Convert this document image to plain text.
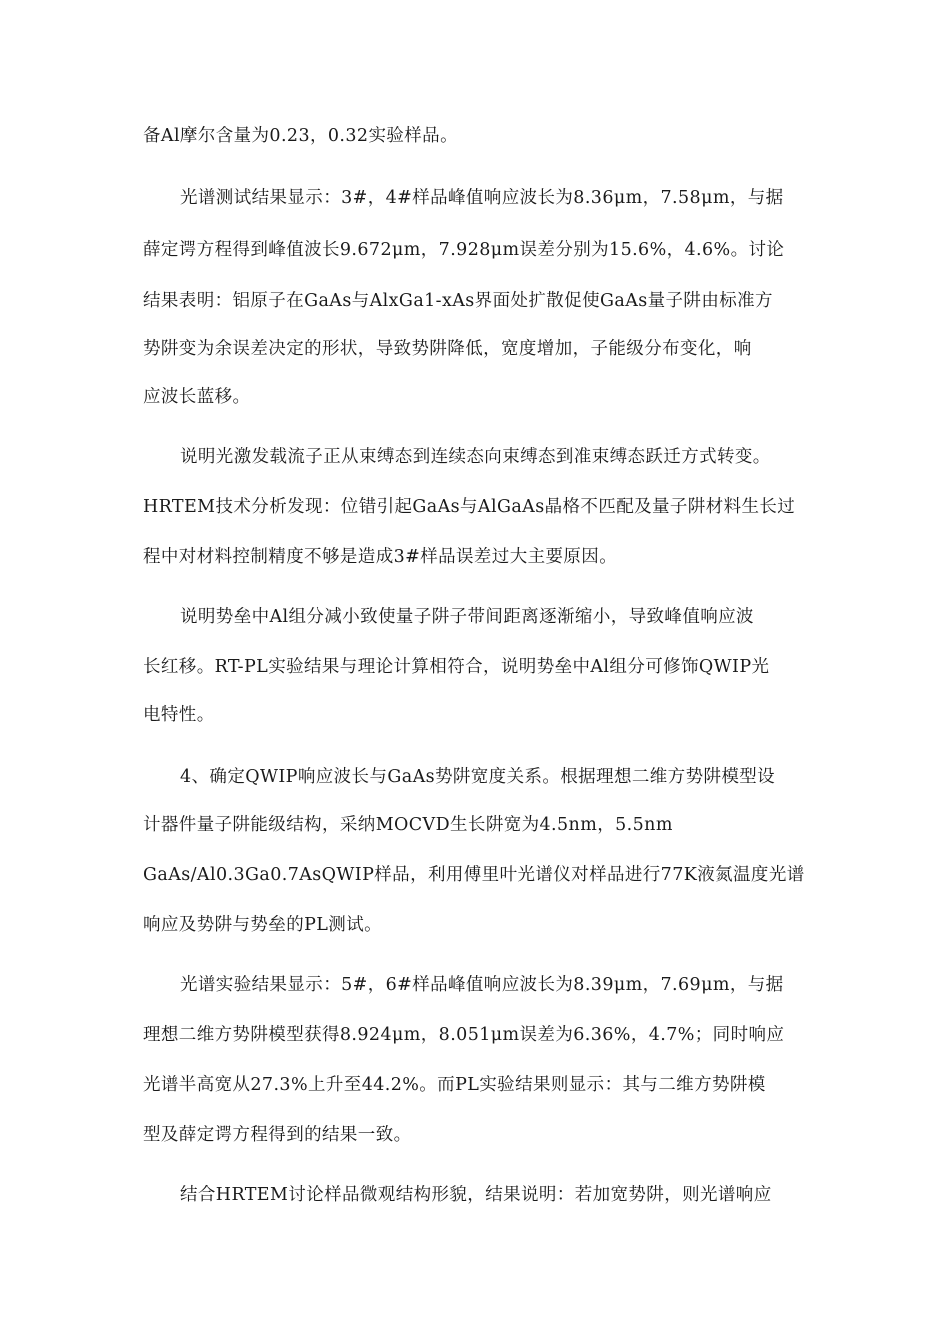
备Al摩尔含量为0.23，0.32实验样品。
光谱测试结果显示：3#，4#样品峰值响应波长为8.36μm，7.58μm，与据
薛定谔方程得到峰值波长9.672μm，7.928μm误差分别为15.6%，4.6%。讨论
结果表明：铝原子在GaAs与AlxGa1-xAs界面处扩散促使GaAs量子阱由标准方
势阱变为余误差决定的形状，导致势阱降低，宽度增加，子能级分布变化，响
应波长蓝移。
说明光激发载流子正从束缚态到连续态向束缚态到准束缚态跃迁方式转变。
HRTEM技术分析发现：位错引起GaAs与AlGaAs晶格不匹配及量子阱材料生长过
程中对材料控制精度不够是造成3#样品误差过大主要原因。
说明势垒中Al组分减小致使量子阱子带间距离逐渐缩小，导致峰值响应波
长红移。RT-PL实验结果与理论计算相符合，说明势垒中Al组分可修饰QWIP光
电特性。
4、确定QWIP响应波长与GaAs势阱宽度关系。根据理想二维方势阱模型设
计器件量子阱能级结构，采纳MOCVD生长阱宽为4.5nm，5.5nm
GaAs/Al0.3Ga0.7AsQWIP样品，利用傅里叶光谱仪对样品进行77K液氮温度光谱
响应及势阱与势垒的PL测试。
光谱实验结果显示：5#，6#样品峰值响应波长为8.39μm，7.69μm，与据
理想二维方势阱模型获得8.924μm，8.051μm误差为6.36%，4.7%；同时响应
光谱半高宽从27.3%上升至44.2%。而PL实验结果则显示：其与二维方势阱模
型及薛定谔方程得到的结果一致。
结合HRTEM讨论样品微观结构形貌，结果说明：若加宽势阱，则光谱响应
